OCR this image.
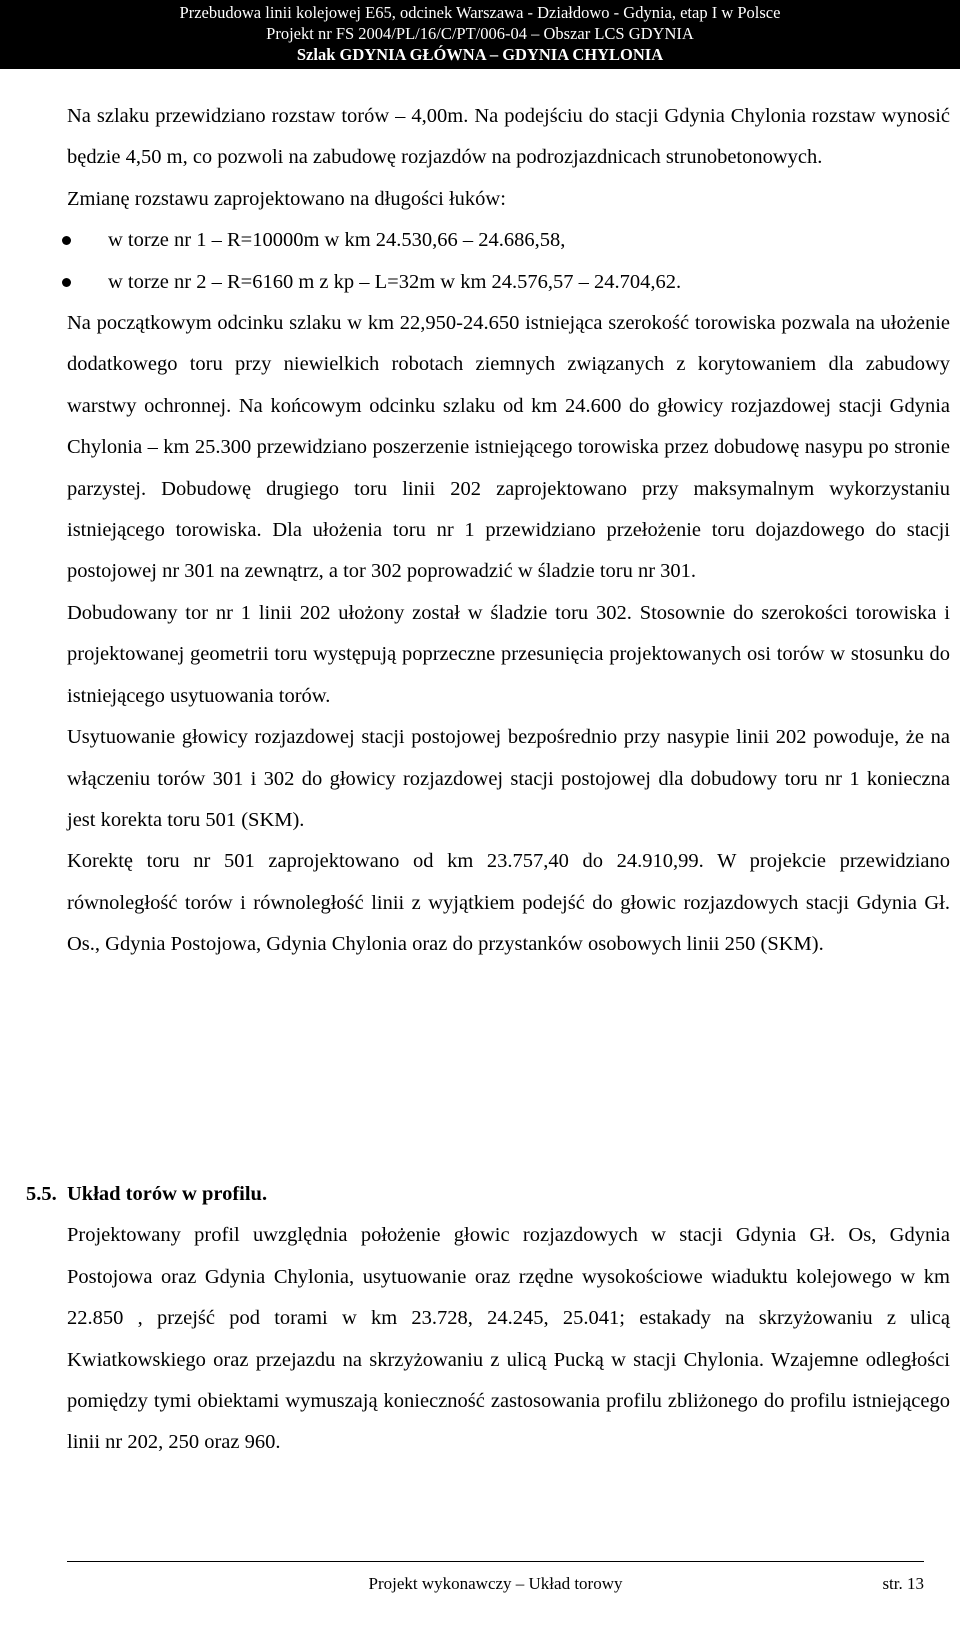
Przebudowa linii kolejowej E65, odcinek Warszawa - Działdowo - Gdynia, etap I w Polsce
Projekt nr FS 2004/PL/16/C/PT/006-04 – Obszar LCS GDYNIA
Szlak GDYNIA GŁÓWNA – GDYNIA CHYLONIA

Na szlaku przewidziano rozstaw torów – 4,00m. Na podejściu do stacji Gdynia Chylonia rozstaw wynosić będzie 4,50 m, co pozwoli na zabudowę rozjazdów na podrozjazdnicach strunobetonowych.

Zmianę rozstawu zaprojektowano na długości łuków:

w torze nr 1 – R=10000m w km 24.530,66 – 24.686,58,
w torze nr 2 – R=6160 m z kp – L=32m w km 24.576,57 – 24.704,62.

Na początkowym odcinku szlaku w km 22,950-24.650 istniejąca szerokość torowiska pozwala na ułożenie dodatkowego toru przy niewielkich robotach ziemnych związanych z korytowaniem dla zabudowy warstwy ochronnej. Na końcowym odcinku szlaku od km 24.600 do głowicy rozjazdowej stacji Gdynia Chylonia – km 25.300 przewidziano poszerzenie istniejącego torowiska przez dobudowę nasypu po stronie parzystej. Dobudowę drugiego toru linii 202 zaprojektowano przy maksymalnym wykorzystaniu istniejącego torowiska. Dla ułożenia toru nr 1 przewidziano przełożenie toru dojazdowego do stacji postojowej nr 301 na zewnątrz, a tor 302 poprowadzić w śladzie toru nr 301.

Dobudowany tor nr 1 linii 202 ułożony został w śladzie toru 302. Stosownie do szerokości torowiska i projektowanej geometrii toru występują poprzeczne przesunięcia projektowanych osi torów w stosunku do istniejącego usytuowania torów.

Usytuowanie głowicy rozjazdowej stacji postojowej bezpośrednio przy nasypie linii 202 powoduje, że na włączeniu torów 301 i 302 do głowicy rozjazdowej stacji postojowej dla dobudowy toru nr 1 konieczna jest korekta toru 501 (SKM).

Korektę toru nr 501 zaprojektowano od km 23.757,40 do 24.910,99. W projekcie przewidziano równoległość torów i równoległość linii z wyjątkiem podejść do głowic rozjazdowych stacji Gdynia Gł. Os., Gdynia Postojowa, Gdynia Chylonia oraz do przystanków osobowych linii 250 (SKM).

5.5. Układ torów w profilu.

Projektowany profil uwzględnia położenie głowic rozjazdowych w stacji Gdynia Gł. Os, Gdynia Postojowa oraz Gdynia Chylonia, usytuowanie oraz rzędne wysokościowe wiaduktu kolejowego w km 22.850 , przejść pod torami w km 23.728, 24.245, 25.041; estakady na skrzyżowaniu z ulicą Kwiatkowskiego oraz przejazdu na skrzyżowaniu z ulicą Pucką w stacji Chylonia. Wzajemne odległości pomiędzy tymi obiektami wymuszają konieczność zastosowania profilu zbliżonego do profilu istniejącego linii nr 202, 250 oraz 960.

Projekt wykonawczy – Układ torowy	str. 13
